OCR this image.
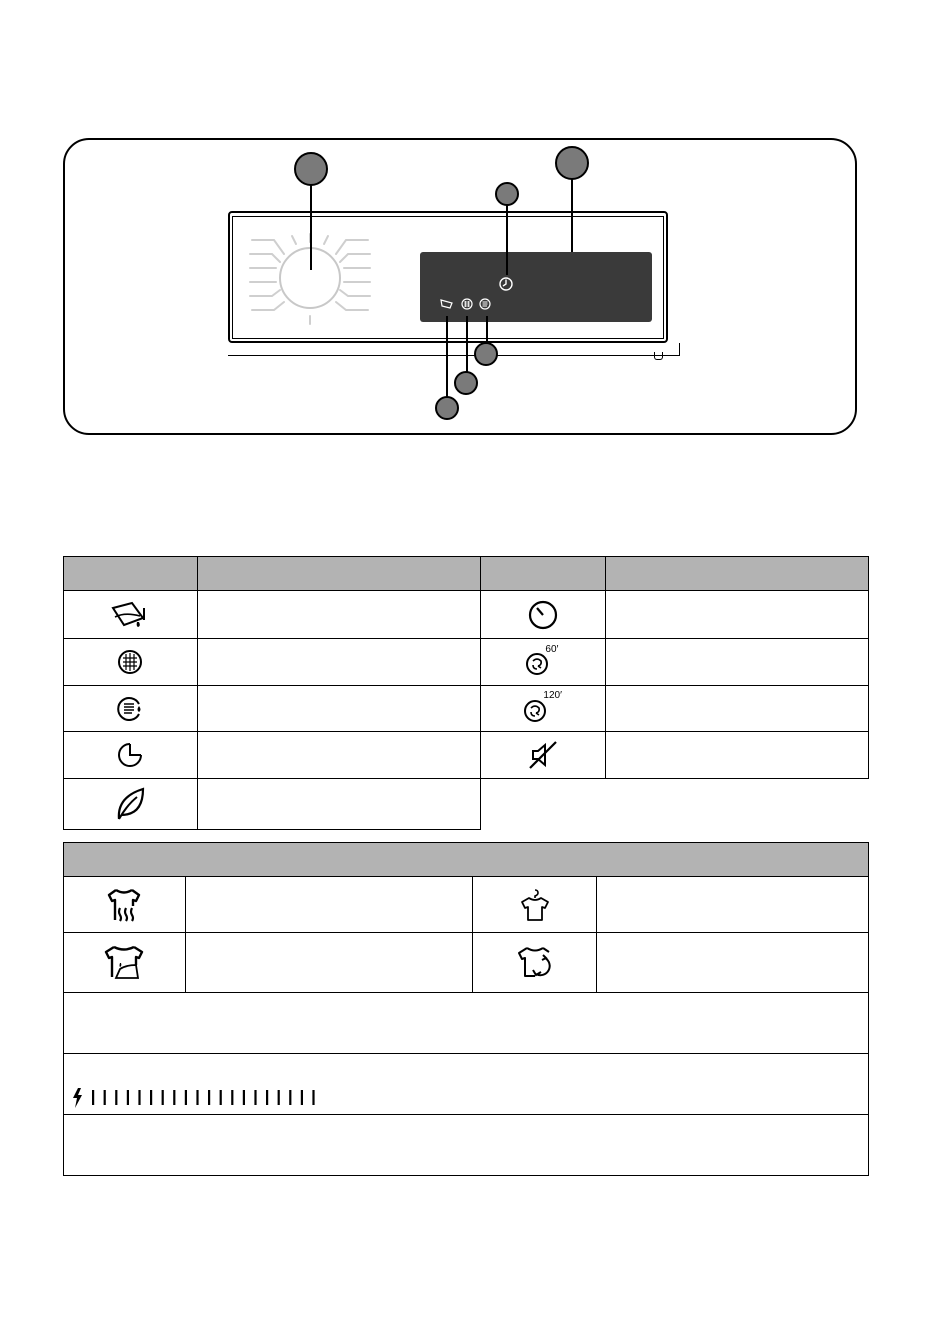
60′	

120′	
